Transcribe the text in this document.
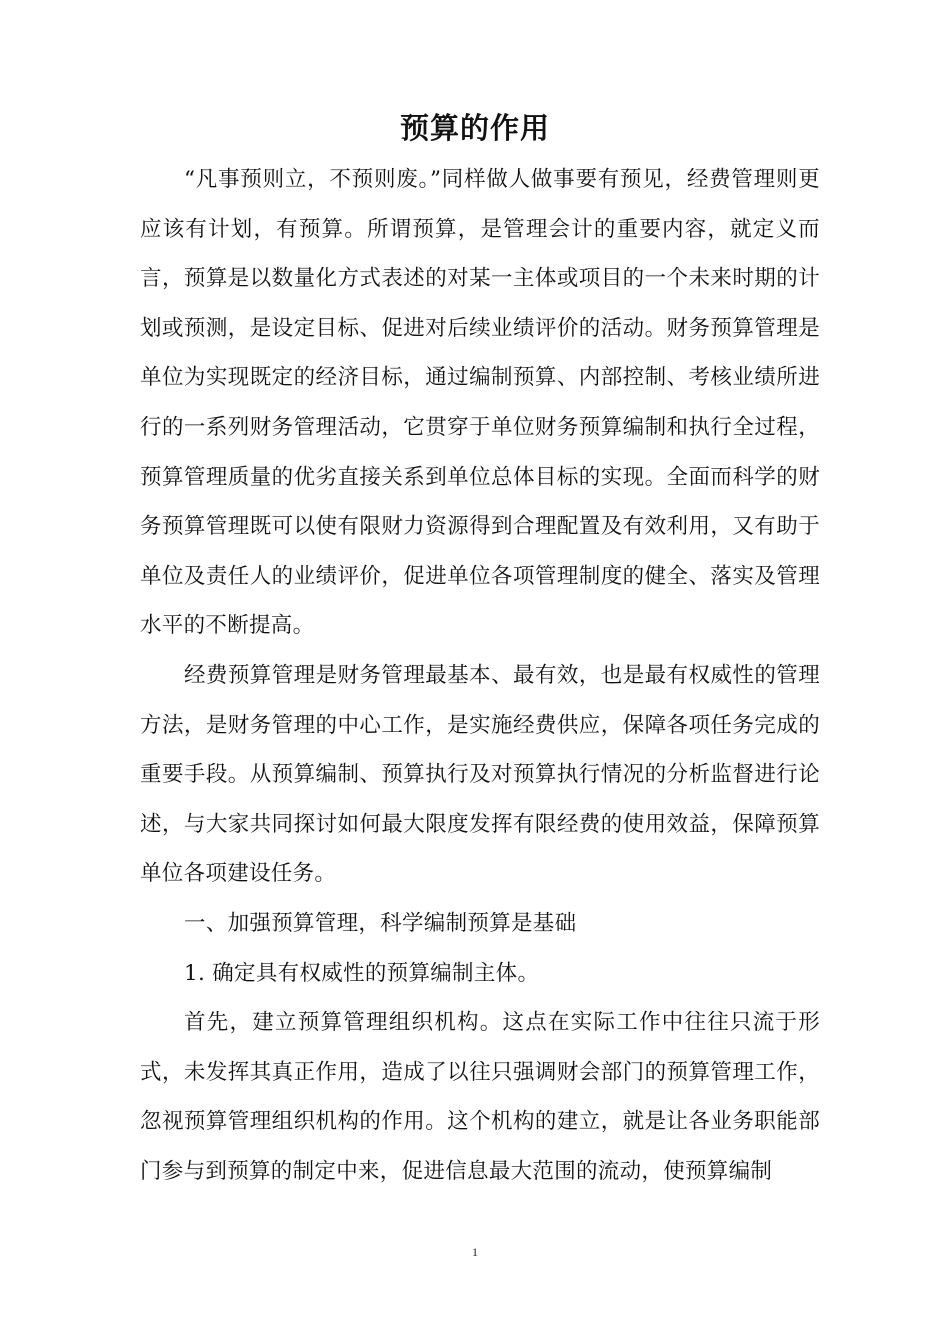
预算的作用

“凡事预则立，不预则废。”同样做人做事要有预见，经费管理则更应该有计划，有预算。所谓预算，是管理会计的重要内容，就定义而言，预算是以数量化方式表述的对某一主体或项目的一个未来时期的计划或预测，是设定目标、促进对后续业绩评价的活动。财务预算管理是单位为实现既定的经济目标，通过编制预算、内部控制、考核业绩所进行的一系列财务管理活动，它贯穿于单位财务预算编制和执行全过程，预算管理质量的优劣直接关系到单位总体目标的实现。全面而科学的财务预算管理既可以使有限财力资源得到合理配置及有效利用，又有助于单位及责任人的业绩评价，促进单位各项管理制度的健全、落实及管理水平的不断提高。

经费预算管理是财务管理最基本、最有效，也是最有权威性的管理方法，是财务管理的中心工作，是实施经费供应，保障各项任务完成的重要手段。从预算编制、预算执行及对预算执行情况的分析监督进行论述，与大家共同探讨如何最大限度发挥有限经费的使用效益，保障预算单位各项建设任务。

一、加强预算管理，科学编制预算是基础

1. 确定具有权威性的预算编制主体。

首先，建立预算管理组织机构。这点在实际工作中往往只流于形式，未发挥其真正作用，造成了以往只强调财会部门的预算管理工作，忽视预算管理组织机构的作用。这个机构的建立，就是让各业务职能部门参与到预算的制定中来，促进信息最大范围的流动，使预算编制

1
